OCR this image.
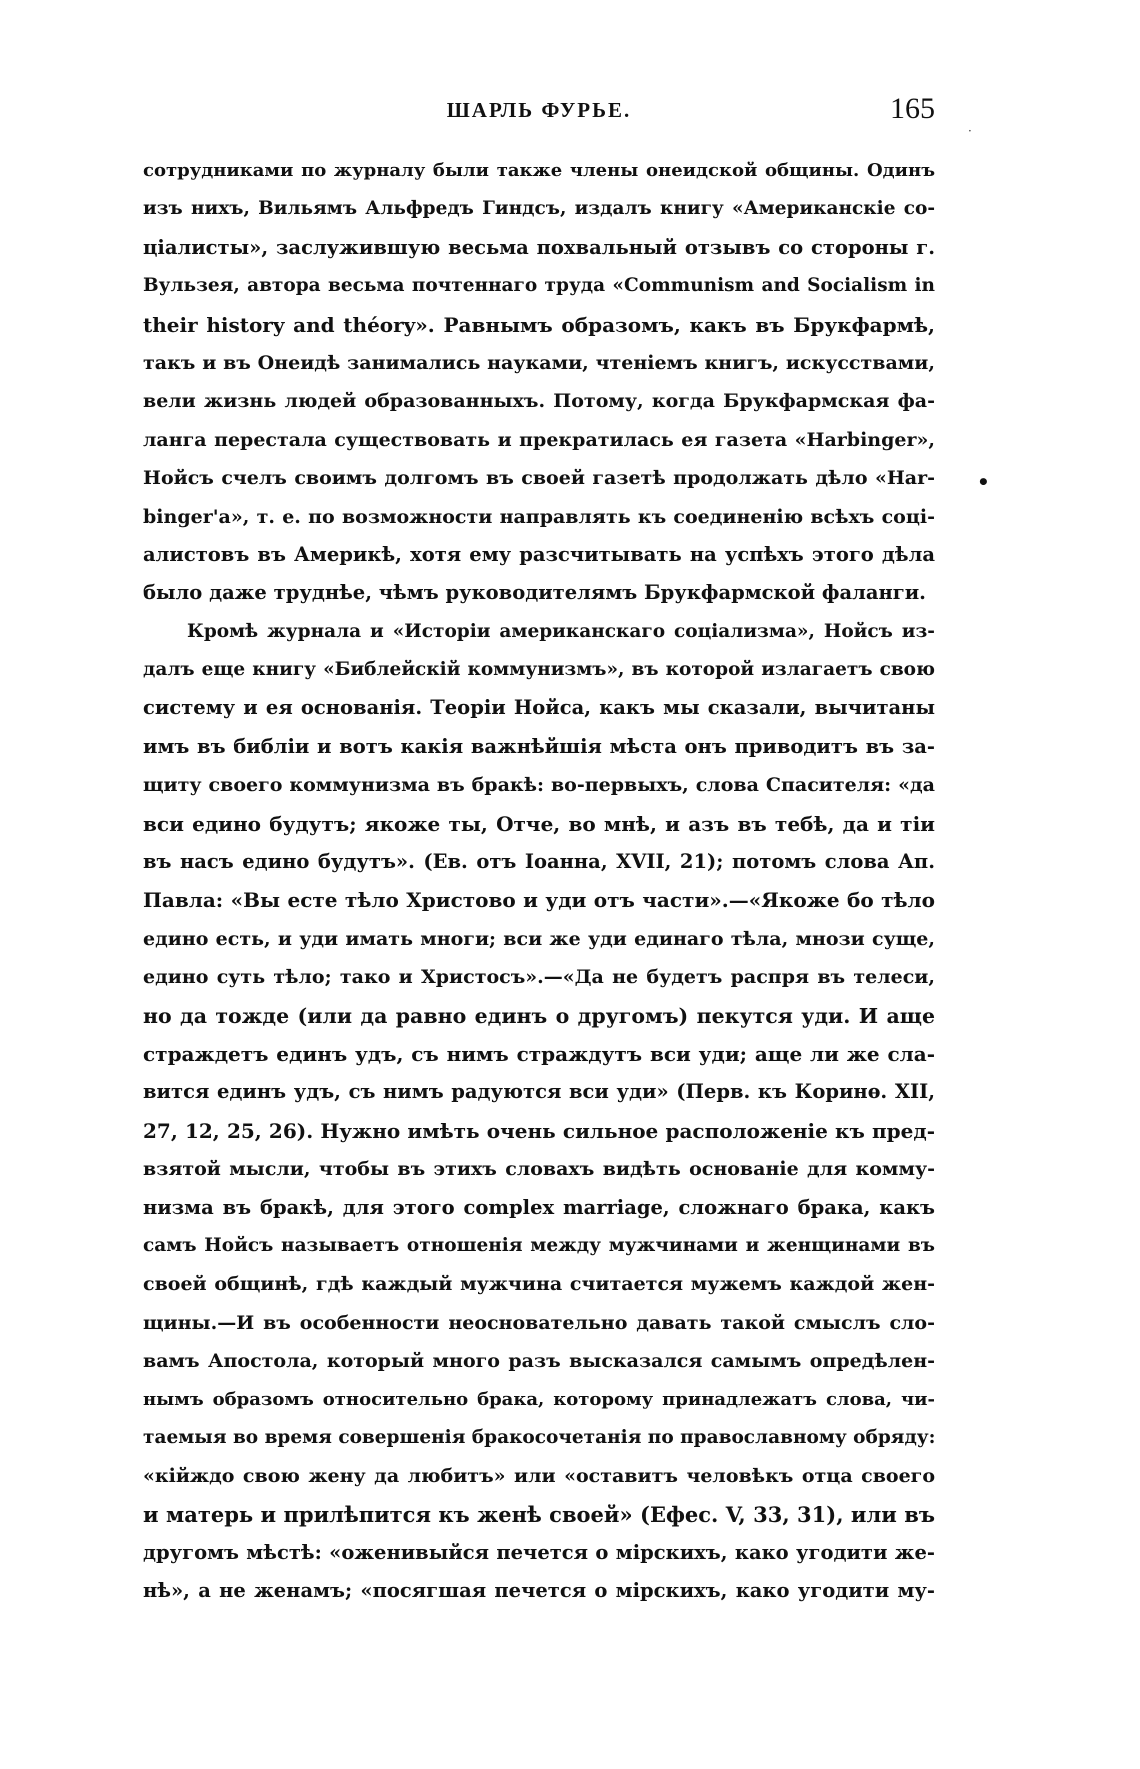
ШАРЛЬ ФУРЬЕ.	165
·
•
сотрудниками по журналу были также члены онеидской общины. Одинъ
изъ нихъ, Вильямъ Альфредъ Гиндсъ, издалъ книгу «Американскіе со-
ціалисты», заслужившую весьма похвальный отзывъ со стороны г.
Вульзея, автора весьма почтеннаго труда «Communism and Socialism in
their history and théory». Равнымъ образомъ, какъ въ Брукфармѣ,
такъ и въ Онеидѣ занимались науками, чтеніемъ книгъ, искусствами,
вели жизнь людей образованныхъ. Потому, когда Брукфармская фа-
ланга перестала существовать и прекратилась ея газета «Harbinger»,
Нойсъ счелъ своимъ долгомъ въ своей газетѣ продолжать дѣло «Har-
binger'а», т. е. по возможности направлять къ соединенію всѣхъ соці-
алистовъ въ Америкѣ, хотя ему разсчитывать на успѣхъ этого дѣла
было даже труднѣе, чѣмъ руководителямъ Брукфармской фаланги.
Кромѣ журнала и «Исторіи американскаго соціализма», Нойсъ из-
далъ еще книгу «Библейскій коммунизмъ», въ которой излагаетъ свою
систему и ея основанія. Теоріи Нойса, какъ мы сказали, вычитаны
имъ въ библіи и вотъ какія важнѣйшія мѣста онъ приводитъ въ за-
щиту своего коммунизма въ бракѣ: во-первыхъ, слова Спасителя: «да
вси едино будутъ; якоже ты, Отче, во мнѣ, и азъ въ тебѣ, да и тіи
въ насъ едино будутъ». (Ев. отъ Іоанна, XVII, 21); потомъ слова Ап.
Павла: «Вы есте тѣло Христово и уди отъ части».—«Якоже бо тѣло
едино есть, и уди имать многи; вси же уди единаго тѣла, мнози суще,
едино суть тѣло; тако и Христосъ».—«Да не будетъ распря въ телеси,
но да тожде (или да равно единъ о другомъ) пекутся уди. И аще
страждетъ единъ удъ, съ нимъ страждутъ вси уди; аще ли же сла-
вится единъ удъ, съ нимъ радуются вси уди» (Перв. къ Коринѳ. XII,
27, 12, 25, 26). Нужно имѣть очень сильное расположеніе къ пред-
взятой мысли, чтобы въ этихъ словахъ видѣть основаніе для комму-
низма въ бракѣ, для этого complex marriage, сложнаго брака, какъ
самъ Нойсъ называетъ отношенія между мужчинами и женщинами въ
своей общинѣ, гдѣ каждый мужчина считается мужемъ каждой жен-
щины.—И въ особенности неосновательно давать такой смыслъ сло-
вамъ Апостола, который много разъ высказался самымъ опредѣлен-
нымъ образомъ относительно брака, которому принадлежатъ слова, чи-
таемыя во время совершенія бракосочетанія по православному обряду:
«кійждо свою жену да любитъ» или «оставитъ человѣкъ отца своего
и матерь и прилѣпится къ женѣ своей» (Ефес. V, 33, 31), или въ
другомъ мѣстѣ: «оженивыйся печется о мірскихъ, како угодити же-
нѣ», а не женамъ; «посягшая печется о мірскихъ, како угодити му-
